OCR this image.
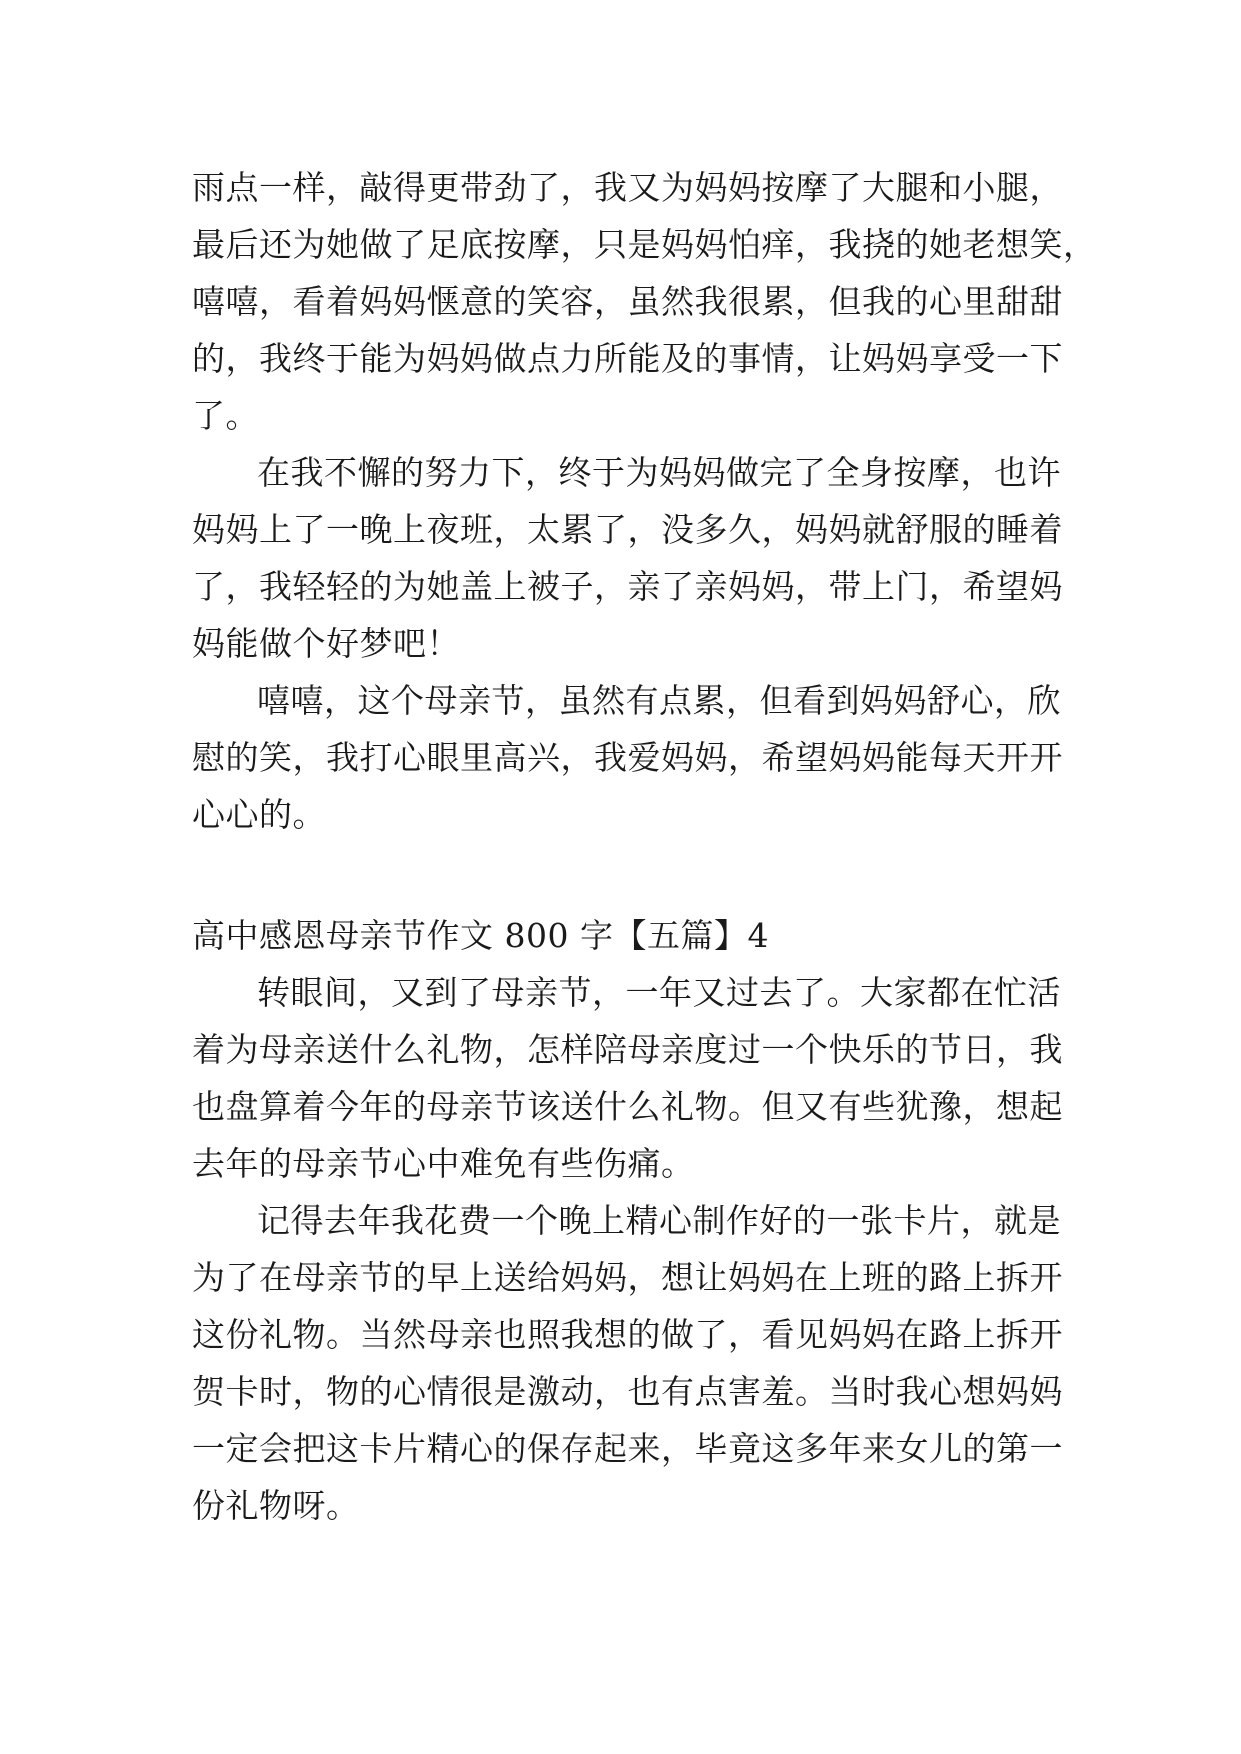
雨点一样，敲得更带劲了，我又为妈妈按摩了大腿和小腿，
最后还为她做了足底按摩，只是妈妈怕痒，我挠的她老想笑，
嘻嘻，看着妈妈惬意的笑容，虽然我很累，但我的心里甜甜
的，我终于能为妈妈做点力所能及的事情，让妈妈享受一下
了。
在我不懈的努力下，终于为妈妈做完了全身按摩，也许
妈妈上了一晚上夜班，太累了，没多久，妈妈就舒服的睡着
了，我轻轻的为她盖上被子，亲了亲妈妈，带上门，希望妈
妈能做个好梦吧！
嘻嘻，这个母亲节，虽然有点累，但看到妈妈舒心，欣
慰的笑，我打心眼里高兴，我爱妈妈，希望妈妈能每天开开
心心的。
高中感恩母亲节作文 800 字【五篇】4
转眼间，又到了母亲节，一年又过去了。大家都在忙活
着为母亲送什么礼物，怎样陪母亲度过一个快乐的节日，我
也盘算着今年的母亲节该送什么礼物。但又有些犹豫，想起
去年的母亲节心中难免有些伤痛。
记得去年我花费一个晚上精心制作好的一张卡片，就是
为了在母亲节的早上送给妈妈，想让妈妈在上班的路上拆开
这份礼物。当然母亲也照我想的做了，看见妈妈在路上拆开
贺卡时，物的心情很是激动，也有点害羞。当时我心想妈妈
一定会把这卡片精心的保存起来，毕竟这多年来女儿的第一
份礼物呀。
